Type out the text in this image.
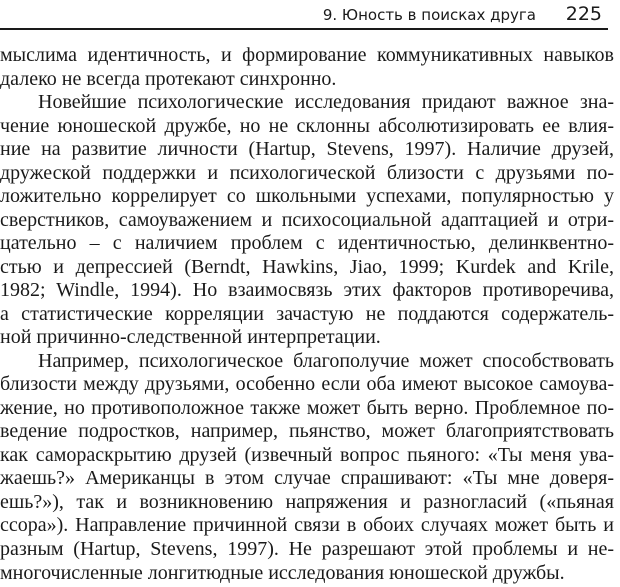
9. Юность в поисках друга 225
мыслима идентичность, и формирование коммуникативных навыков
далеко не всегда протекают синхронно.
Новейшие психологические исследования придают важное зна-
чение юношеской дружбе, но не склонны абсолютизировать ее влия-
ние на развитие личности (Hartup, Stevens, 1997). Наличие друзей,
дружеской поддержки и психологической близости с друзьями по-
ложительно коррелирует со школьными успехами, популярностью у
сверстников, самоуважением и психосоциальной адаптацией и отри-
цательно – с наличием проблем с идентичностью, делинквентно-
стью и депрессией (Berndt, Hawkins, Jiao, 1999; Kurdek and Krile,
1982; Windle, 1994). Но взаимосвязь этих факторов противоречива,
а статистические корреляции зачастую не поддаются содержатель-
ной причинно-следственной интерпретации.
Например, психологическое благополучие может способствовать
близости между друзьями, особенно если оба имеют высокое самоува-
жение, но противоположное также может быть верно. Проблемное по-
ведение подростков, например, пьянство, может благоприятствовать
как самораскрытию друзей (извечный вопрос пьяного: «Ты меня ува-
жаешь?» Американцы в этом случае спрашивают: «Ты мне доверя-
ешь?»), так и возникновению напряжения и разногласий («пьяная
ссора»). Направление причинной связи в обоих случаях может быть и
разным (Hartup, Stevens, 1997). Не разрешают этой проблемы и не-
многочисленные лонгитюдные исследования юношеской дружбы.
